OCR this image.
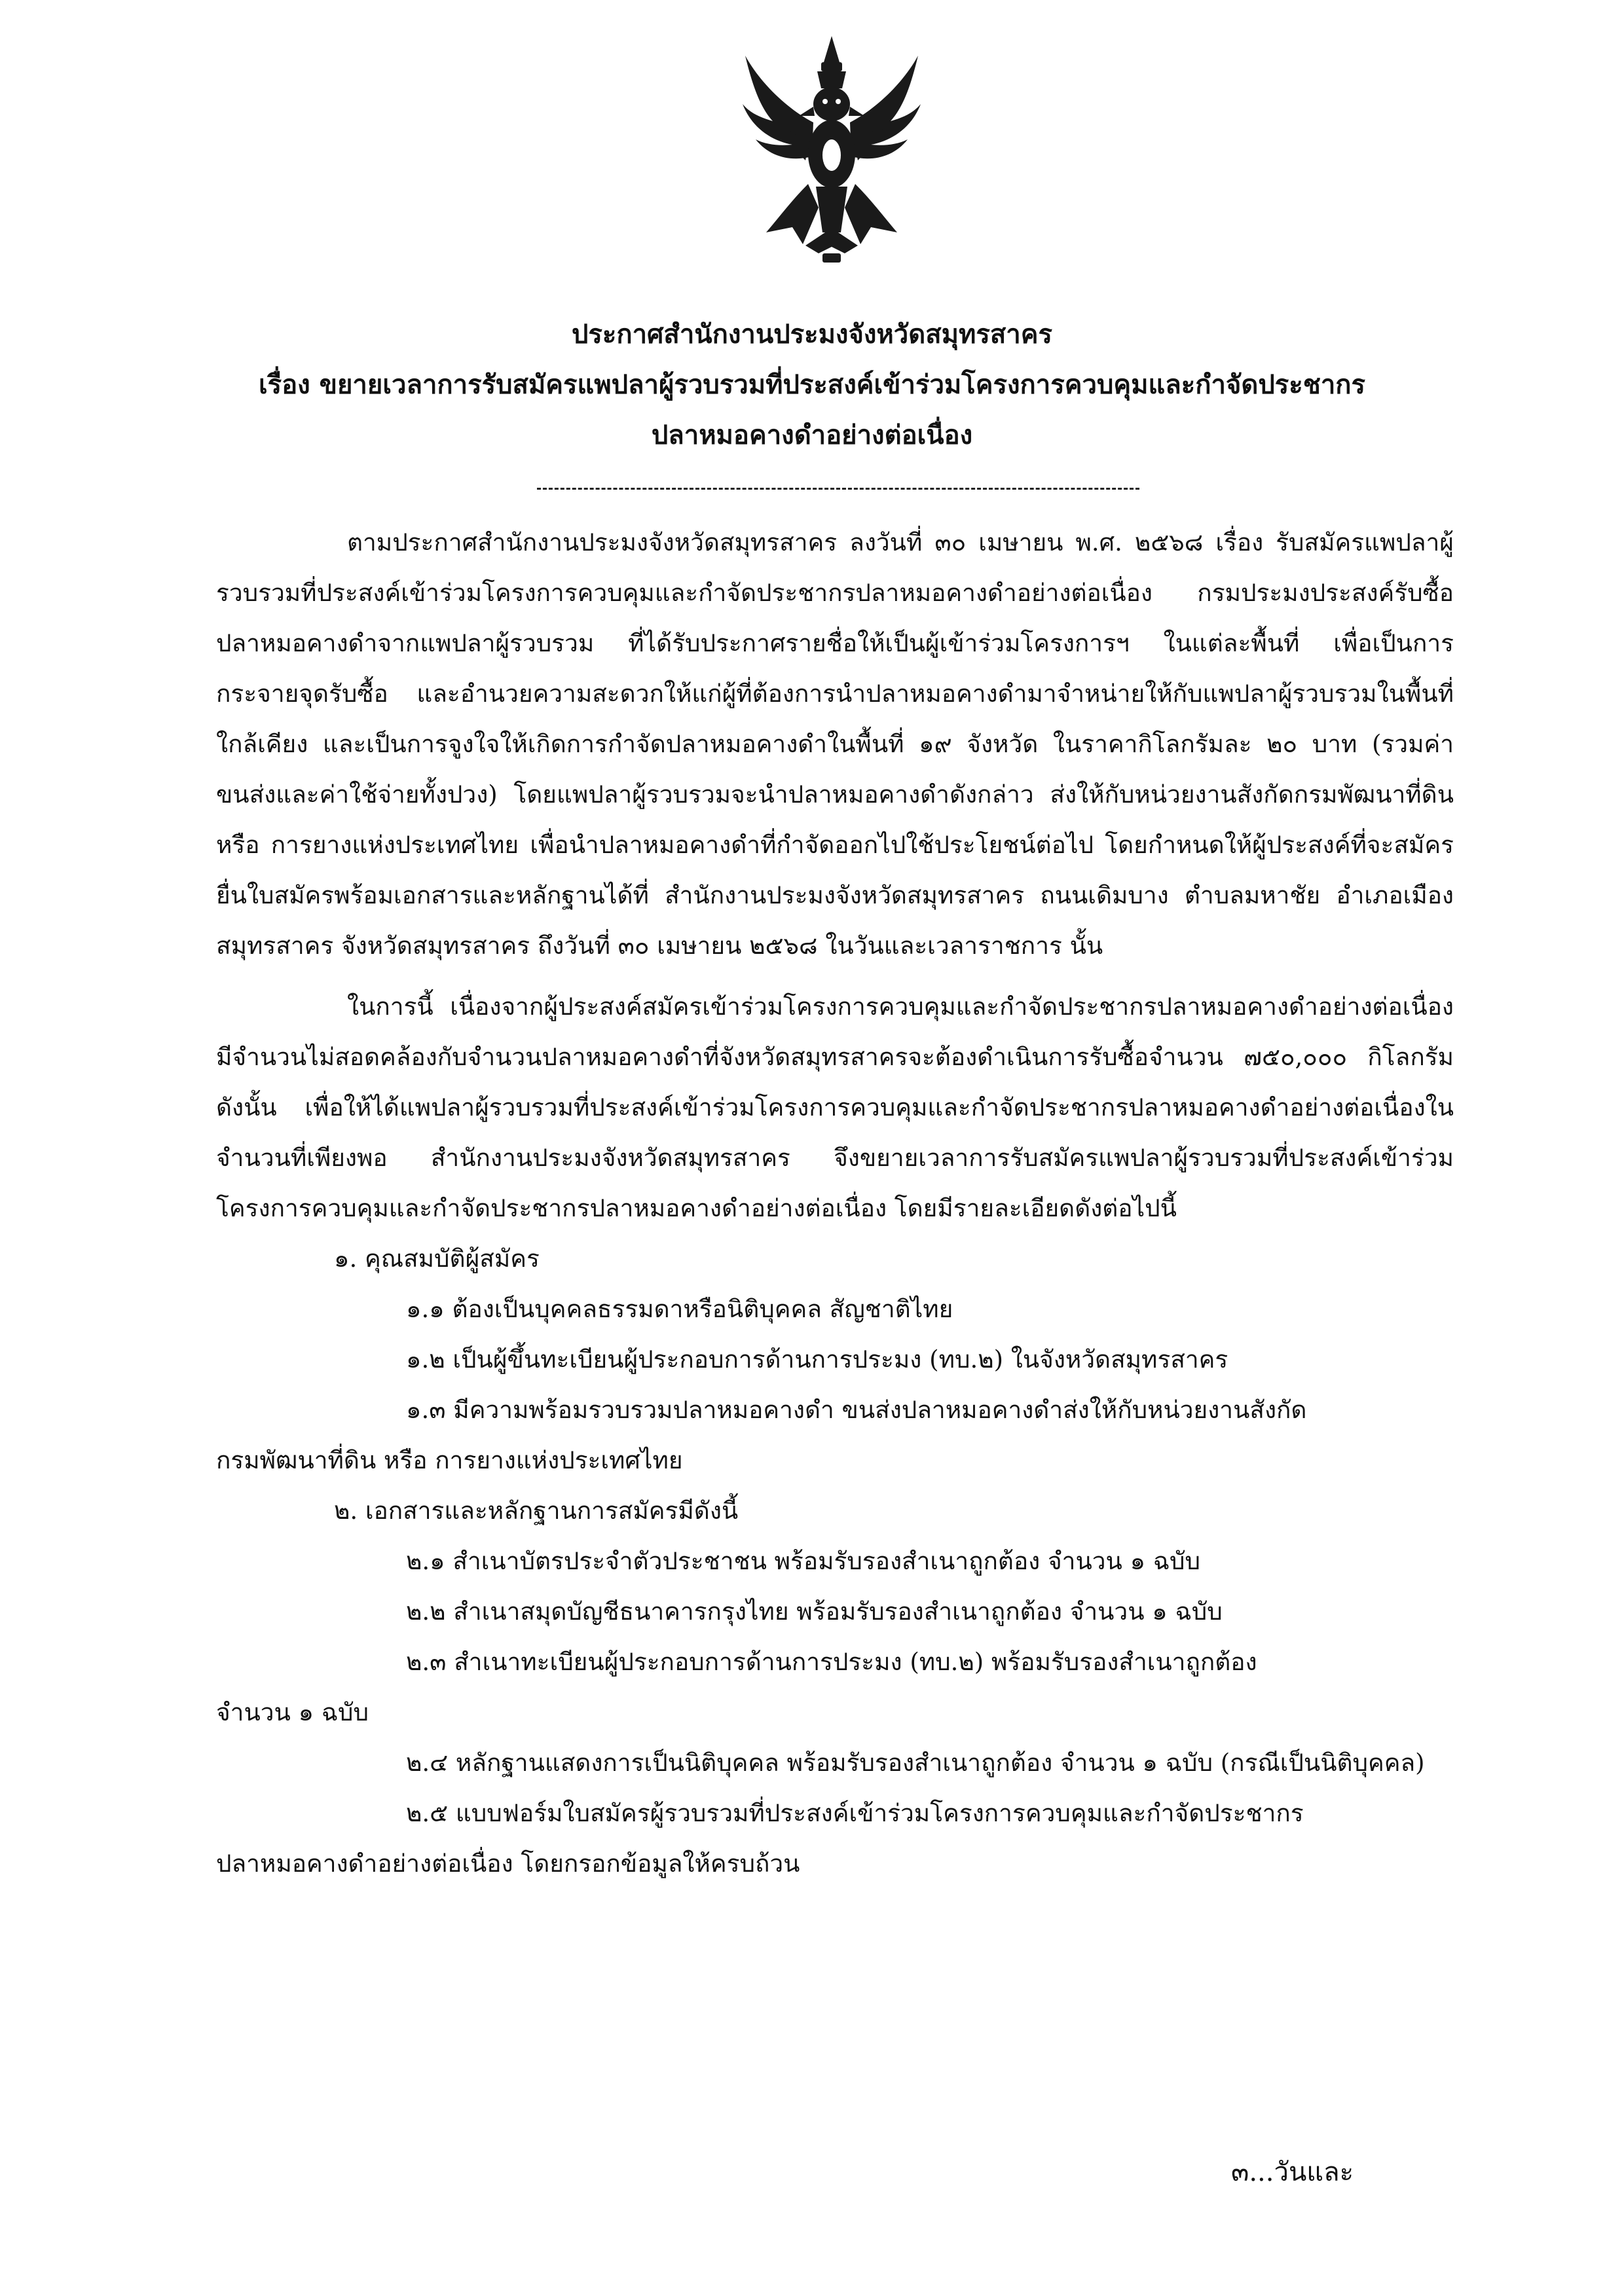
ประกาศสำนักงานประมงจังหวัดสมุทรสาคร
เรื่อง ขยายเวลาการรับสมัครแพปลาผู้รวบรวมที่ประสงค์เข้าร่วมโครงการควบคุมและกำจัดประชากร
ปลาหมอคางดำอย่างต่อเนื่อง

ตามประกาศสำนักงานประมงจังหวัดสมุทรสาคร ลงวันที่ ๓๐ เมษายน พ.ศ. ๒๕๖๘ เรื่อง รับสมัครแพปลาผู้รวบรวมที่ประสงค์เข้าร่วมโครงการควบคุมและกำจัดประชากรปลาหมอคางดำอย่างต่อเนื่อง กรมประมงประสงค์รับซื้อปลาหมอคางดำจากแพปลาผู้รวบรวม ที่ได้รับประกาศรายชื่อให้เป็นผู้เข้าร่วมโครงการฯ ในแต่ละพื้นที่ เพื่อเป็นการกระจายจุดรับซื้อ และอำนวยความสะดวกให้แก่ผู้ที่ต้องการนำปลาหมอคางดำมาจำหน่ายให้กับแพปลาผู้รวบรวมในพื้นที่ใกล้เคียง และเป็นการจูงใจให้เกิดการกำจัดปลาหมอคางดำในพื้นที่ ๑๙ จังหวัด ในราคากิโลกรัมละ ๒๐ บาท (รวมค่าขนส่งและค่าใช้จ่ายทั้งปวง) โดยแพปลาผู้รวบรวมจะนำปลาหมอคางดำดังกล่าว ส่งให้กับหน่วยงานสังกัดกรมพัฒนาที่ดิน หรือ การยางแห่งประเทศไทย เพื่อนำปลาหมอคางดำที่กำจัดออกไปใช้ประโยชน์ต่อไป โดยกำหนดให้ผู้ประสงค์ที่จะสมัครยื่นใบสมัครพร้อมเอกสารและหลักฐานได้ที่ สำนักงานประมงจังหวัดสมุทรสาคร ถนนเดิมบาง ตำบลมหาชัย อำเภอเมืองสมุทรสาคร จังหวัดสมุทรสาคร ถึงวันที่ ๓๐ เมษายน ๒๕๖๘ ในวันและเวลาราชการ นั้น

ในการนี้ เนื่องจากผู้ประสงค์สมัครเข้าร่วมโครงการควบคุมและกำจัดประชากรปลาหมอคางดำอย่างต่อเนื่อง มีจำนวนไม่สอดคล้องกับจำนวนปลาหมอคางดำที่จังหวัดสมุทรสาครจะต้องดำเนินการรับซื้อจำนวน ๗๕๐,๐๐๐ กิโลกรัม ดังนั้น เพื่อให้ได้แพปลาผู้รวบรวมที่ประสงค์เข้าร่วมโครงการควบคุมและกำจัดประชากรปลาหมอคางดำอย่างต่อเนื่องในจำนวนที่เพียงพอ สำนักงานประมงจังหวัดสมุทรสาคร จึงขยายเวลาการรับสมัครแพปลาผู้รวบรวมที่ประสงค์เข้าร่วมโครงการควบคุมและกำจัดประชากรปลาหมอคางดำอย่างต่อเนื่อง โดยมีรายละเอียดดังต่อไปนี้

๑. คุณสมบัติผู้สมัคร

๑.๑ ต้องเป็นบุคคลธรรมดาหรือนิติบุคคล สัญชาติไทย

๑.๒ เป็นผู้ขึ้นทะเบียนผู้ประกอบการด้านการประมง (ทบ.๒) ในจังหวัดสมุทรสาคร

๑.๓ มีความพร้อมรวบรวมปลาหมอคางดำ ขนส่งปลาหมอคางดำส่งให้กับหน่วยงานสังกัด

กรมพัฒนาที่ดิน หรือ การยางแห่งประเทศไทย

๒. เอกสารและหลักฐานการสมัครมีดังนี้

๒.๑ สำเนาบัตรประจำตัวประชาชน พร้อมรับรองสำเนาถูกต้อง จำนวน ๑ ฉบับ

๒.๒ สำเนาสมุดบัญชีธนาคารกรุงไทย พร้อมรับรองสำเนาถูกต้อง จำนวน ๑ ฉบับ

๒.๓ สำเนาทะเบียนผู้ประกอบการด้านการประมง (ทบ.๒) พร้อมรับรองสำเนาถูกต้อง

จำนวน ๑ ฉบับ

๒.๔ หลักฐานแสดงการเป็นนิติบุคคล พร้อมรับรองสำเนาถูกต้อง จำนวน ๑ ฉบับ (กรณีเป็นนิติบุคคล)

๒.๕ แบบฟอร์มใบสมัครผู้รวบรวมที่ประสงค์เข้าร่วมโครงการควบคุมและกำจัดประชากร

ปลาหมอคางดำอย่างต่อเนื่อง โดยกรอกข้อมูลให้ครบถ้วน

๓...วันและ
